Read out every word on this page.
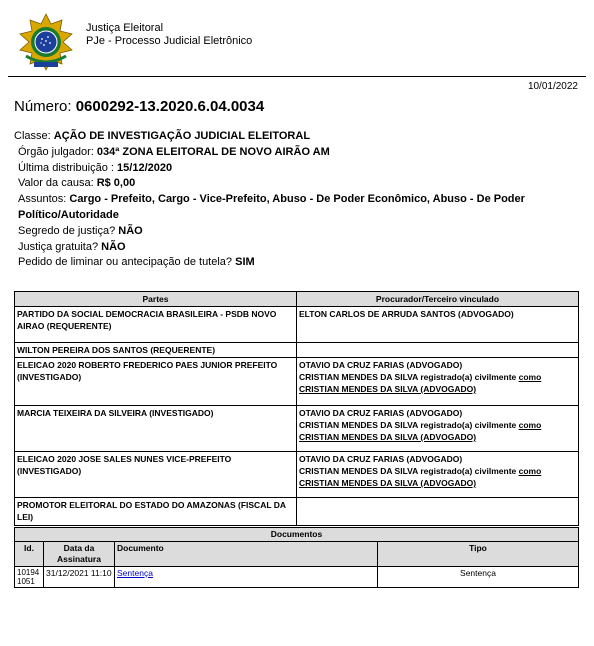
Justiça Eleitoral
PJe - Processo Judicial Eletrônico
10/01/2022
Número: 0600292-13.2020.6.04.0034
Classe: AÇÃO DE INVESTIGAÇÃO JUDICIAL ELEITORAL
Órgão julgador: 034ª ZONA ELEITORAL DE NOVO AIRÃO AM
Última distribuição : 15/12/2020
Valor da causa: R$ 0,00
Assuntos: Cargo - Prefeito, Cargo - Vice-Prefeito, Abuso - De Poder Econômico, Abuso - De Poder Político/Autoridade
Segredo de justiça? NÃO
Justiça gratuita? NÃO
Pedido de liminar ou antecipação de tutela? SIM
Partes	Procurador/Terceiro vinculado
PARTIDO DA SOCIAL DEMOCRACIA BRASILEIRA - PSDB NOVO AIRAO (REQUERENTE)	ELTON CARLOS DE ARRUDA SANTOS (ADVOGADO)

WILTON PEREIRA DOS SANTOS (REQUERENTE)	
ELEICAO 2020 ROBERTO FREDERICO PAES JUNIOR PREFEITO (INVESTIGADO)	OTAVIO DA CRUZ FARIAS (ADVOGADO)
CRISTIAN MENDES DA SILVA registrado(a) civilmente como CRISTIAN MENDES DA SILVA (ADVOGADO)

MARCIA TEIXEIRA DA SILVEIRA (INVESTIGADO)	OTAVIO DA CRUZ FARIAS (ADVOGADO)
CRISTIAN MENDES DA SILVA registrado(a) civilmente como CRISTIAN MENDES DA SILVA (ADVOGADO)

ELEICAO 2020 JOSE SALES NUNES VICE-PREFEITO (INVESTIGADO)	OTAVIO DA CRUZ FARIAS (ADVOGADO)
CRISTIAN MENDES DA SILVA registrado(a) civilmente como CRISTIAN MENDES DA SILVA (ADVOGADO)

PROMOTOR ELEITORAL DO ESTADO DO AMAZONAS (FISCAL DA LEI)	
Documentos			
Id.	Data da Assinatura	Documento	Tipo
10194 1051	31/12/2021 11:10	Sentença	Sentença
